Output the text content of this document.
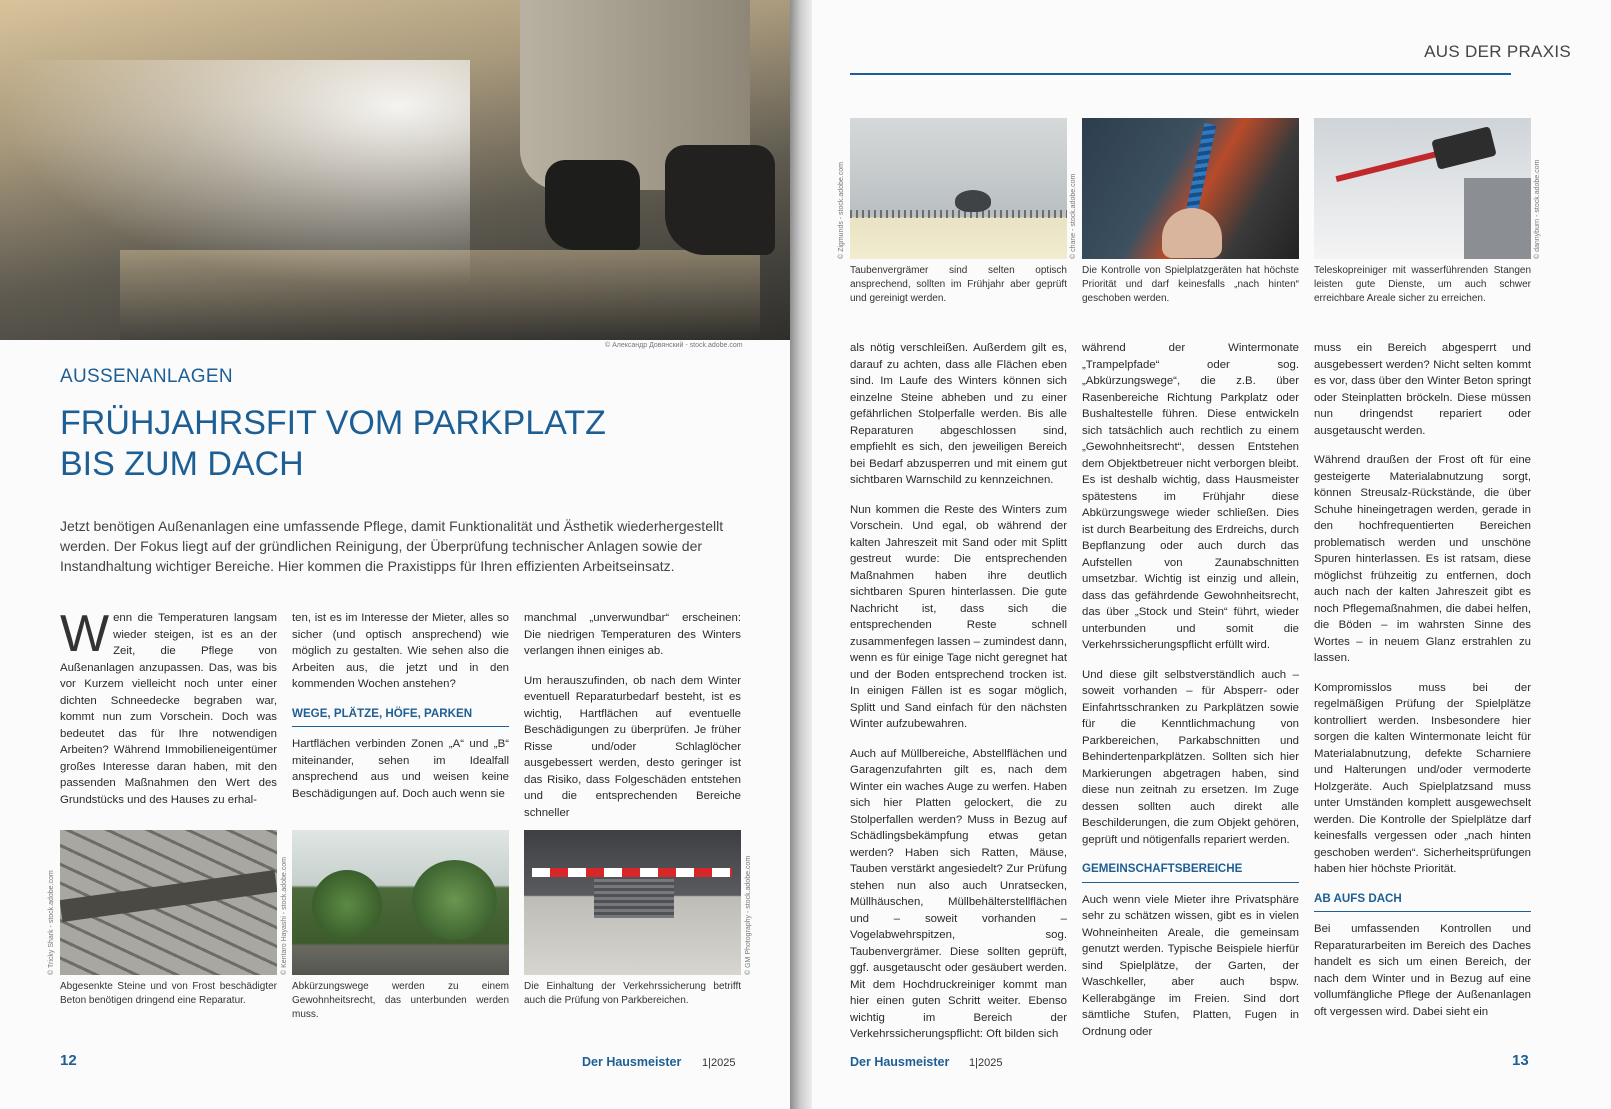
© Александр Довянский - stock.adobe.com
AUSSENANLAGEN
FRÜHJAHRSFIT VOM PARKPLATZ
BIS ZUM DACH
Jetzt benötigen Außenanlagen eine umfassende Pflege, damit Funktionalität und Ästhetik wiederhergestellt werden. Der Fokus liegt auf der gründlichen Reinigung, der Überprüfung technischer Anlagen sowie der Instandhaltung wichtiger Bereiche. Hier kommen die Praxistipps für Ihren effizienten Arbeitseinsatz.
Wenn die Temperaturen langsam wieder steigen, ist es an der Zeit, die Pflege von Außenanlagen anzupassen. Das, was bis vor Kurzem vielleicht noch unter einer dichten Schneedecke begraben war, kommt nun zum Vorschein. Doch was bedeutet das für Ihre notwendigen Arbeiten? Während Immobilieneigentümer großes Interesse daran haben, mit den passenden Maßnahmen den Wert des Grundstücks und des Hauses zu erhal-

ten, ist es im Interesse der Mieter, alles so sicher (und optisch ansprechend) wie möglich zu gestalten. Wie sehen also die Arbeiten aus, die jetzt und in den kommenden Wochen anstehen?

WEGE, PLÄTZE, HÖFE, PARKEN

Hartflächen verbinden Zonen „A“ und „B“ miteinander, sehen im Idealfall ansprechend aus und weisen keine Beschädigungen auf. Doch auch wenn sie

manchmal „unverwundbar“ erscheinen: Die niedrigen Temperaturen des Winters verlangen ihnen einiges ab.

Um herauszufinden, ob nach dem Winter eventuell Reparaturbedarf besteht, ist es wichtig, Hartflächen auf eventuelle Beschädigungen zu überprüfen. Je früher Risse und/oder Schlaglöcher ausgebessert werden, desto geringer ist das Risiko, dass Folgeschäden entstehen und die entsprechenden Bereiche schneller

© Tricky Shark - stock.adobe.com
Abgesenkte Steine und von Frost beschädigter Beton benötigen dringend eine Reparatur.
© Kentaro Hayashi - stock.adobe.com
Abkürzungswege werden zu einem Gewohnheitsrecht, das unterbunden werden muss.
© GM Photography - stock.adobe.com
Die Einhaltung der Verkehrssicherung betrifft auch die Prüfung von Parkbereichen.
12	Der Hausmeister 1|2025
AUS DER PRAXIS
© Zigmunds - stock.adobe.com
Taubenvergrämer sind selten optisch ansprechend, sollten im Frühjahr aber geprüft und gereinigt werden.
© chane - stock.adobe.com
Die Kontrolle von Spielplatzgeräten hat höchste Priorität und darf keinesfalls „nach hinten“ geschoben werden.
© dannyburn - stock.adobe.com
Teleskopreiniger mit wasserführenden Stangen leisten gute Dienste, um auch schwer erreichbare Areale sicher zu erreichen.

als nötig verschleißen. Außerdem gilt es, darauf zu achten, dass alle Flächen eben sind. Im Laufe des Winters können sich einzelne Steine abheben und zu einer gefährlichen Stolperfalle werden. Bis alle Reparaturen abgeschlossen sind, empfiehlt es sich, den jeweiligen Bereich bei Bedarf abzusperren und mit einem gut sichtbaren Warnschild zu kennzeichnen.

Nun kommen die Reste des Winters zum Vorschein. Und egal, ob während der kalten Jahreszeit mit Sand oder mit Splitt gestreut wurde: Die entsprechenden Maßnahmen haben ihre deutlich sichtbaren Spuren hinterlassen. Die gute Nachricht ist, dass sich die entsprechenden Reste schnell zusammenfegen lassen – zumindest dann, wenn es für einige Tage nicht geregnet hat und der Boden entsprechend trocken ist. In einigen Fällen ist es sogar möglich, Splitt und Sand einfach für den nächsten Winter aufzubewahren.

Auch auf Müllbereiche, Abstellflächen und Garagenzufahrten gilt es, nach dem Winter ein waches Auge zu werfen. Haben sich hier Platten gelockert, die zu Stolperfallen werden? Muss in Bezug auf Schädlingsbekämpfung etwas getan werden? Haben sich Ratten, Mäuse, Tauben verstärkt angesiedelt? Zur Prüfung stehen nun also auch Unratsecken, Müllhäuschen, Müllbehälterstellflächen und – soweit vorhanden – Vogelabwehrspitzen, sog. Taubenvergrämer. Diese sollten geprüft, ggf. ausgetauscht oder gesäubert werden. Mit dem Hochdruckreiniger kommt man hier einen guten Schritt weiter. Ebenso wichtig im Bereich der Verkehrssicherungspflicht: Oft bilden sich

während der Wintermonate „Trampelpfade“ oder sog. „Abkürzungswege“, die z.B. über Rasenbereiche Richtung Parkplatz oder Bushaltestelle führen. Diese entwickeln sich tatsächlich auch rechtlich zu einem „Gewohnheitsrecht“, dessen Entstehen dem Objektbetreuer nicht verborgen bleibt. Es ist deshalb wichtig, dass Hausmeister spätestens im Frühjahr diese Abkürzungswege wieder schließen. Dies ist durch Bearbeitung des Erdreichs, durch Bepflanzung oder auch durch das Aufstellen von Zaunabschnitten umsetzbar. Wichtig ist einzig und allein, dass das gefährdende Gewohnheitsrecht, das über „Stock und Stein“ führt, wieder unterbunden und somit die Verkehrssicherungspflicht erfüllt wird.

Und diese gilt selbstverständlich auch – soweit vorhanden – für Absperr- oder Einfahrtsschranken zu Parkplätzen sowie für die Kenntlichmachung von Parkbereichen, Parkabschnitten und Behindertenparkplätzen. Sollten sich hier Markierungen abgetragen haben, sind diese nun zeitnah zu ersetzen. Im Zuge dessen sollten auch direkt alle Beschilderungen, die zum Objekt gehören, geprüft und nötigenfalls repariert werden.

GEMEINSCHAFTSBEREICHE

Auch wenn viele Mieter ihre Privatsphäre sehr zu schätzen wissen, gibt es in vielen Wohneinheiten Areale, die gemeinsam genutzt werden. Typische Beispiele hierfür sind Spielplätze, der Garten, der Waschkeller, aber auch bspw. Kellerabgänge im Freien. Sind dort sämtliche Stufen, Platten, Fugen in Ordnung oder

muss ein Bereich abgesperrt und ausgebessert werden? Nicht selten kommt es vor, dass über den Winter Beton springt oder Steinplatten bröckeln. Diese müssen nun dringendst repariert oder ausgetauscht werden.

Während draußen der Frost oft für eine gesteigerte Materialabnutzung sorgt, können Streusalz-Rückstände, die über Schuhe hineingetragen werden, gerade in den hochfrequentierten Bereichen problematisch werden und unschöne Spuren hinterlassen. Es ist ratsam, diese möglichst frühzeitig zu entfernen, doch auch nach der kalten Jahreszeit gibt es noch Pflegemaßnahmen, die dabei helfen, die Böden – im wahrsten Sinne des Wortes – in neuem Glanz erstrahlen zu lassen.

Kompromisslos muss bei der regelmäßigen Prüfung der Spielplätze kontrolliert werden. Insbesondere hier sorgen die kalten Wintermonate leicht für Materialabnutzung, defekte Scharniere und Halterungen und/oder vermoderte Holzgeräte. Auch Spielplatzsand muss unter Umständen komplett ausgewechselt werden. Die Kontrolle der Spielplätze darf keinesfalls vergessen oder „nach hinten geschoben werden“. Sicherheitsprüfungen haben hier höchste Priorität.

AB AUFS DACH

Bei umfassenden Kontrollen und Reparaturarbeiten im Bereich des Daches handelt es sich um einen Bereich, der nach dem Winter und in Bezug auf eine vollumfängliche Pflege der Außenanlagen oft vergessen wird. Dabei sieht ein

Der Hausmeister 1|2025	13
